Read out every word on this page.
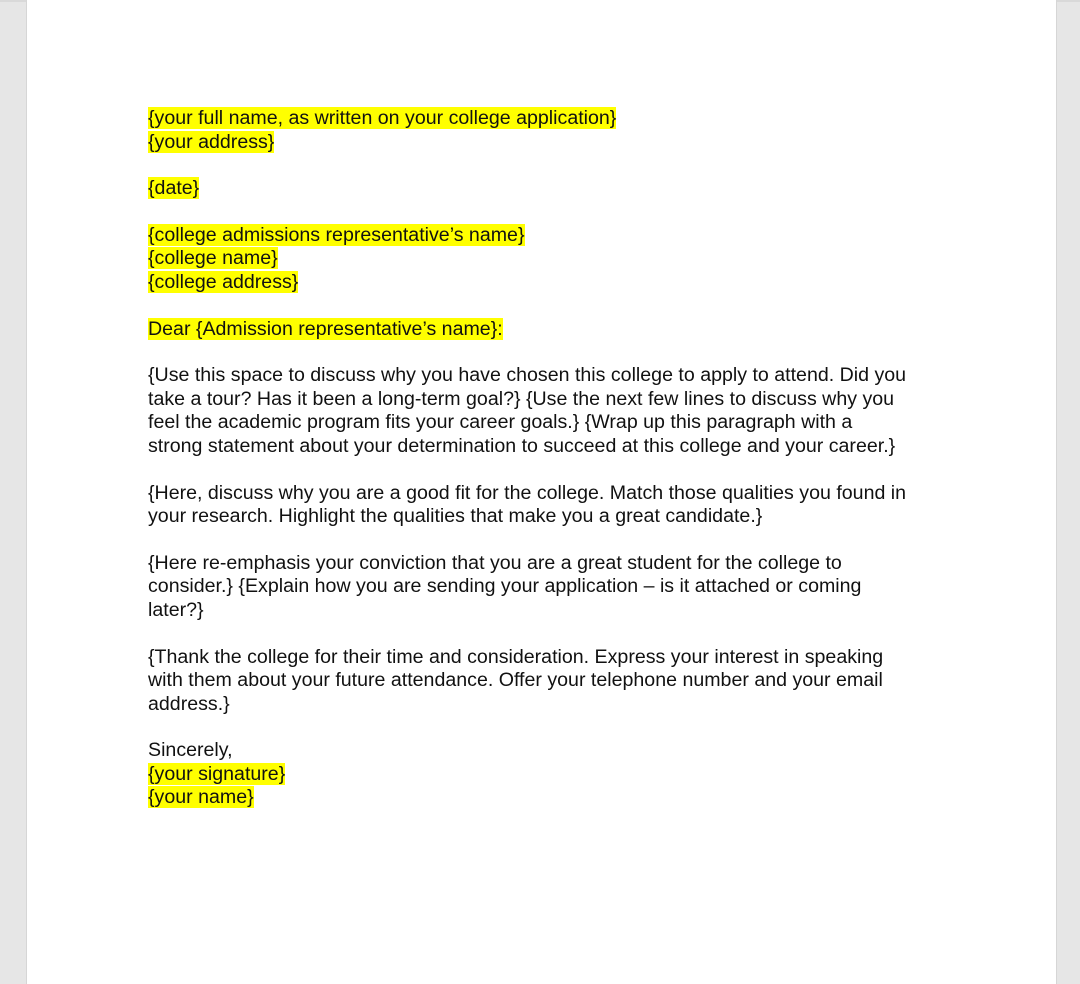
{your full name, as written on your college application}
{your address}
{date}
{college admissions representative’s name}
{college name}
{college address}
Dear {Admission representative’s name}:
{Use this space to discuss why you have chosen this college to apply to attend. Did you
take a tour? Has it been a long-term goal?} {Use the next few lines to discuss why you
feel the academic program fits your career goals.} {Wrap up this paragraph with a
strong statement about your determination to succeed at this college and your career.}
{Here, discuss why you are a good fit for the college. Match those qualities you found in
your research. Highlight the qualities that make you a great candidate.}
{Here re-emphasis your conviction that you are a great student for the college to
consider.} {Explain how you are sending your application – is it attached or coming
later?}
{Thank the college for their time and consideration. Express your interest in speaking
with them about your future attendance. Offer your telephone number and your email
address.}
Sincerely,
{your signature}
{your name}
